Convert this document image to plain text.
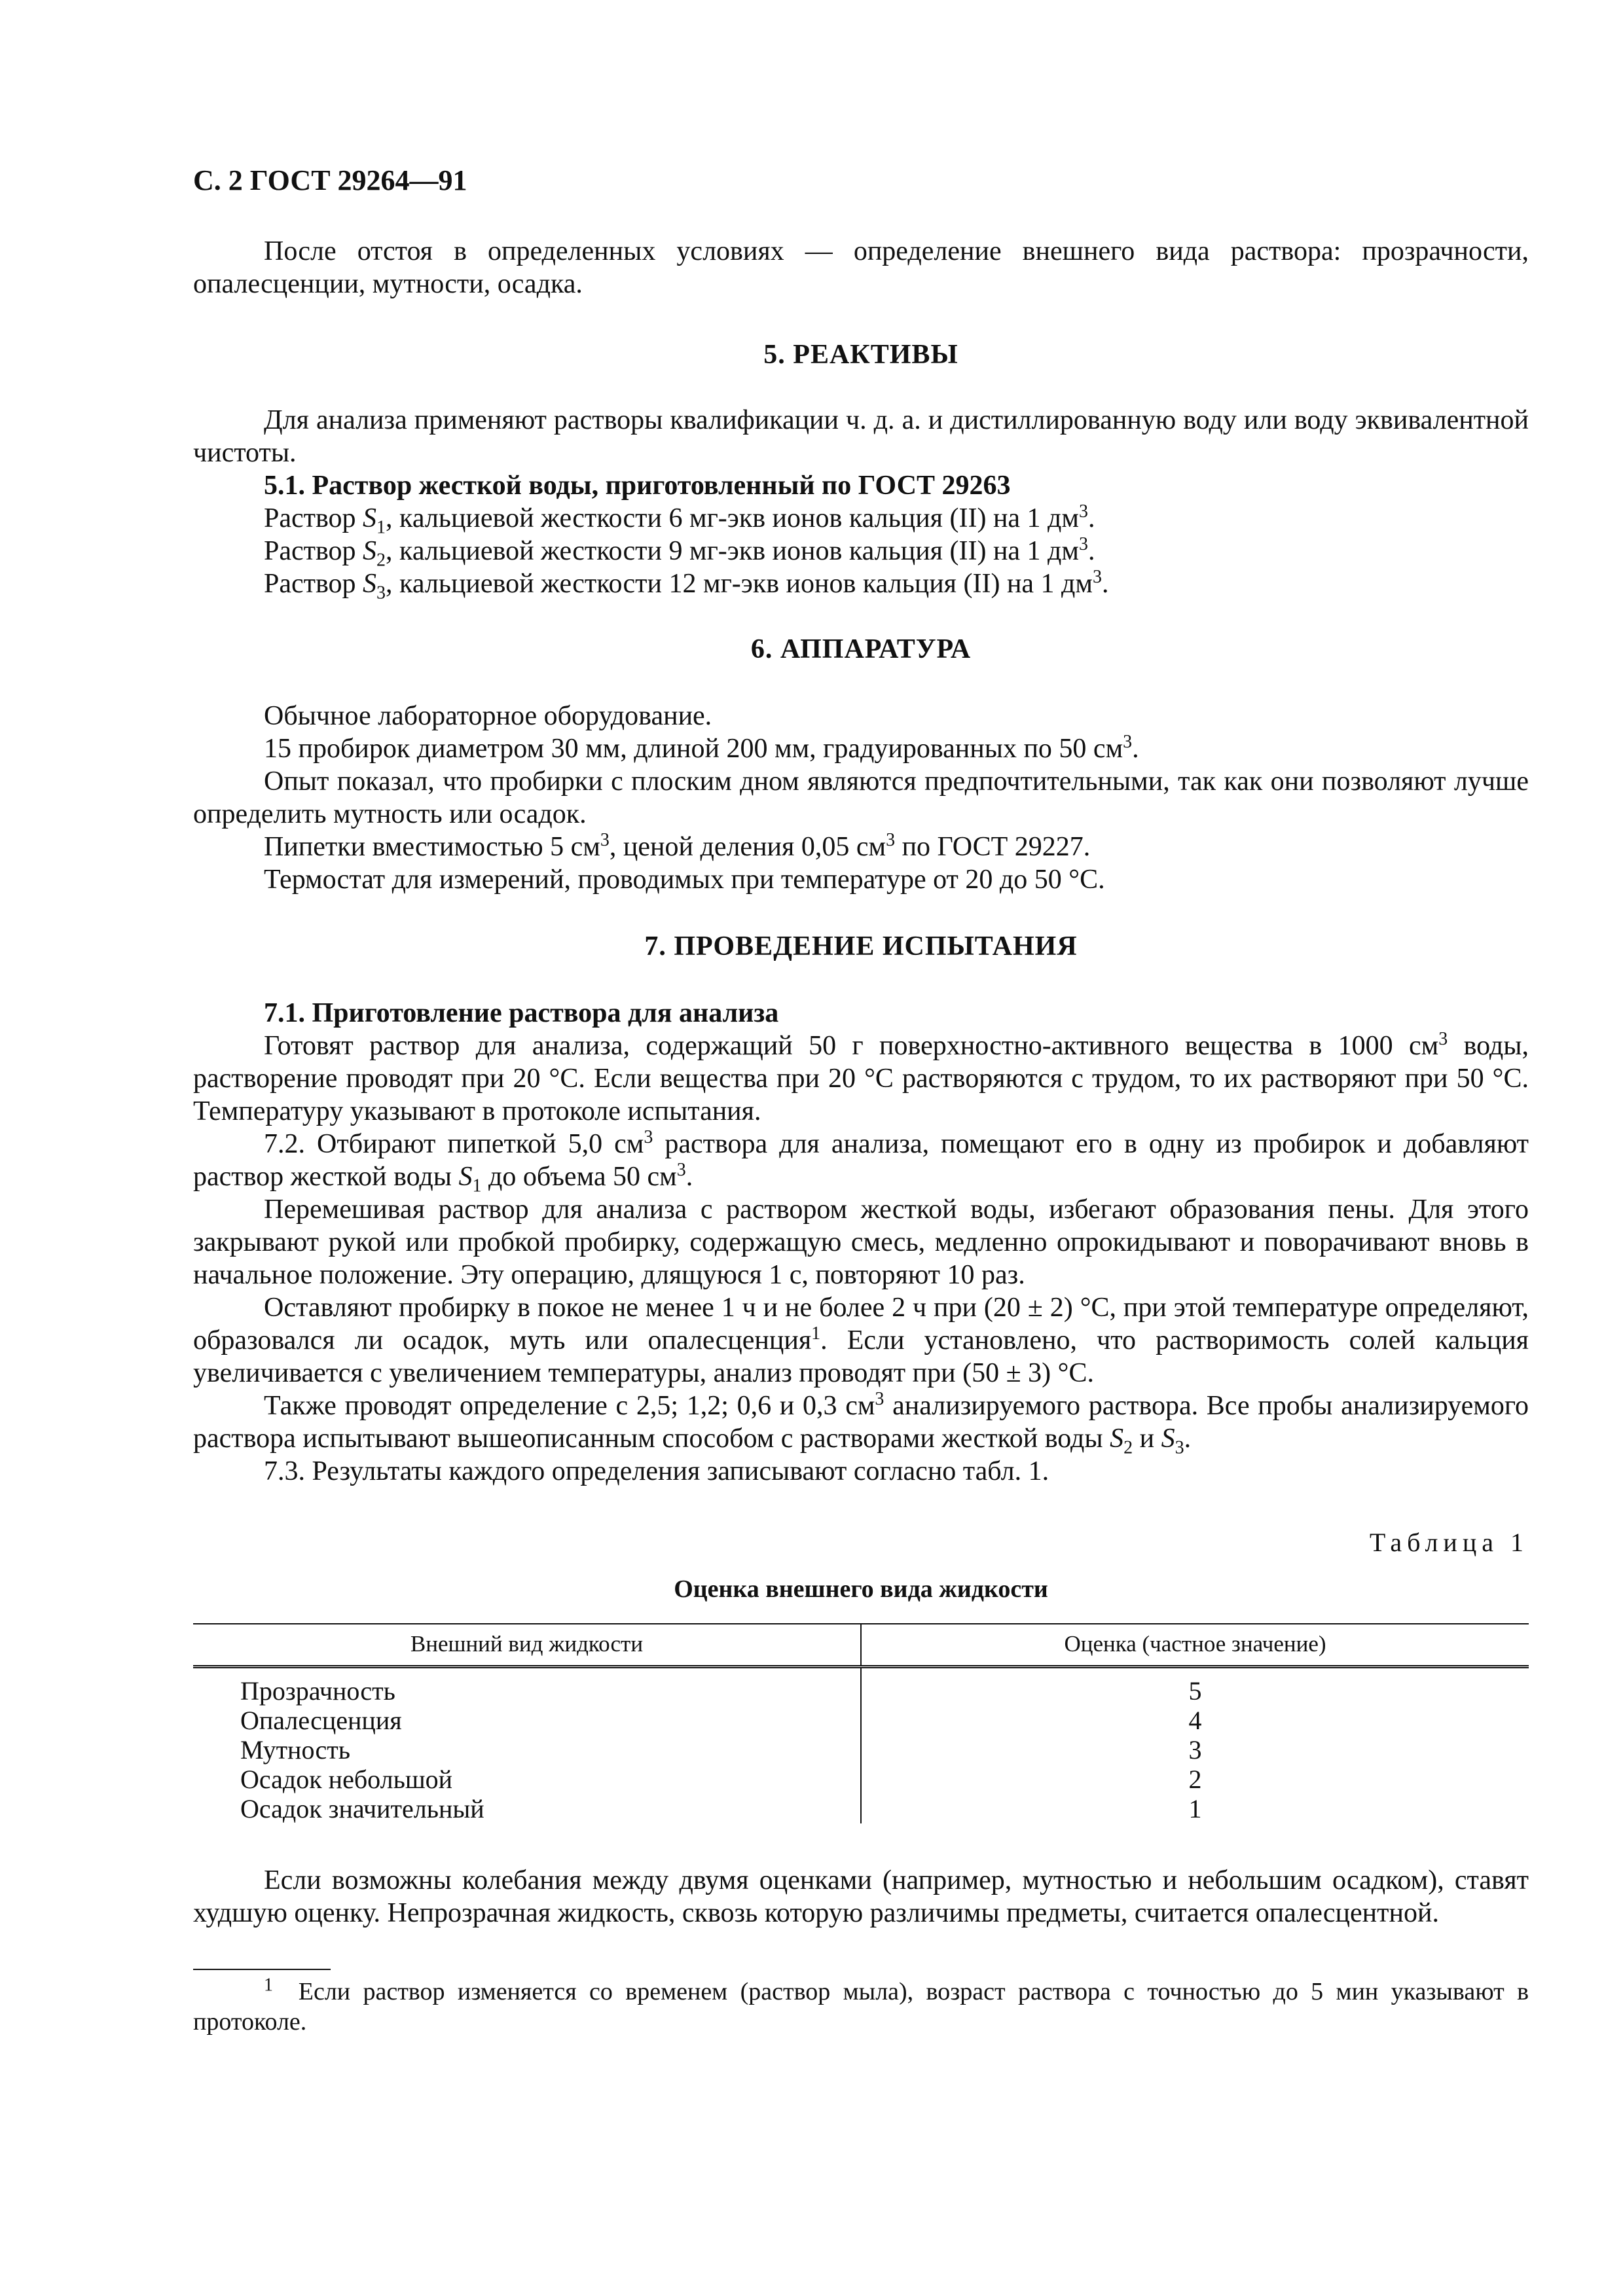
С. 2 ГОСТ 29264—91

После отстоя в определенных условиях — определение внешнего вида раствора: прозрачности, опалесценции, мутности, осадка.

5. РЕАКТИВЫ

Для анализа применяют растворы квалификации ч. д. а. и дистиллированную воду или воду эквивалентной чистоты.

5.1. Раствор жесткой воды, приготовленный по ГОСТ 29263

Раствор $S_1$, кальциевой жесткости 6 мг-экв ионов кальция (II) на 1 $дм^3$.

Раствор $S_2$, кальциевой жесткости 9 мг-экв ионов кальция (II) на 1 $дм^3$.

Раствор $S_3$, кальциевой жесткости 12 мг-экв ионов кальция (II) на 1 $дм^3$.

6. АППАРАТУРА

Обычное лабораторное оборудование.

15 пробирок диаметром 30 мм, длиной 200 мм, градуированных по 50 $см^3$.

Опыт показал, что пробирки с плоским дном являются предпочтительными, так как они позволяют лучше определить мутность или осадок.

Пипетки вместимостью 5 $см^3$, ценой деления 0,05 $см^3$ по ГОСТ 29227.

Термостат для измерений, проводимых при температуре от 20 до 50 °C.

7. ПРОВЕДЕНИЕ ИСПЫТАНИЯ

7.1. Приготовление раствора для анализа

Готовят раствор для анализа, содержащий 50 г поверхностно-активного вещества в 1000 $см^3$ воды, растворение проводят при 20 °C. Если вещества при 20 °C растворяются с трудом, то их растворяют при 50 °C. Температуру указывают в протоколе испытания.

7.2. Отбирают пипеткой 5,0 $см^3$ раствора для анализа, помещают его в одну из пробирок и добавляют раствор жесткой воды $S_1$ до объема 50 $см^3$.

Перемешивая раствор для анализа с раствором жесткой воды, избегают образования пены. Для этого закрывают рукой или пробкой пробирку, содержащую смесь, медленно опрокидывают и поворачивают вновь в начальное положение. Эту операцию, длящуюся 1 с, повторяют 10 раз.

Оставляют пробирку в покое не менее 1 ч и не более 2 ч при (20 ± 2) °C, при этой температуре определяют, образовался ли осадок, муть или опалесценция$^1$. Если установлено, что растворимость солей кальция увеличивается с увеличением температуры, анализ проводят при (50 ± 3) °C.

Также проводят определение с 2,5; 1,2; 0,6 и 0,3 $см^3$ анализируемого раствора. Все пробы анализируемого раствора испытывают вышеописанным способом с растворами жесткой воды $S_2$ и $S_3$.

7.3. Результаты каждого определения записывают согласно табл. 1.

Таблица 1
Оценка внешнего вида жидкости
Внешний вид жидкости	Оценка (частное значение)
Прозрачность	5
Опалесценция	4
Мутность	3
Осадок небольшой	2
Осадок значительный	1

Если возможны колебания между двумя оценками (например, мутностью и небольшим осадком), ставят худшую оценку. Непрозрачная жидкость, сквозь которую различимы предметы, считается опалесцентной.

$^1$ Если раствор изменяется со временем (раствор мыла), возраст раствора с точностью до 5 мин указывают в протоколе.
